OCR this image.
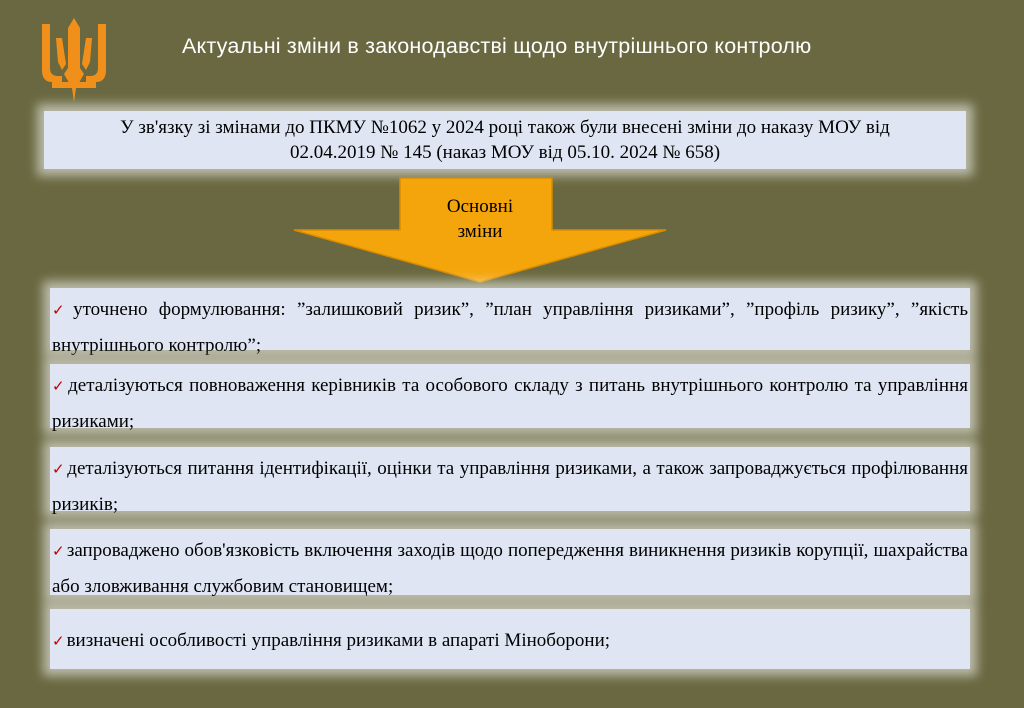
Актуальні зміни в законодавстві щодо внутрішнього контролю
У зв'язку зі змінами до ПКМУ №1062 у 2024 році також були внесені зміни до наказу МОУ від
02.04.2019 № 145 (наказ МОУ від 05.10. 2024 № 658)
Основні
зміни
✓ уточнено формулювання: ”залишковий ризик”, ”план управління ризиками”, ”профіль ризику”, ”якість внутрішнього контролю”;
✓ деталізуються повноваження керівників та особового складу з питань внутрішнього контролю та управління ризиками;
✓ деталізуються питання ідентифікації, оцінки та управління ризиками, а також запроваджується профілювання ризиків;
✓ запроваджено обов'язковість включення заходів щодо попередження виникнення ризиків корупції, шахрайства або зловживання службовим становищем;
✓ визначені особливості управління ризиками в апараті Міноборони;
